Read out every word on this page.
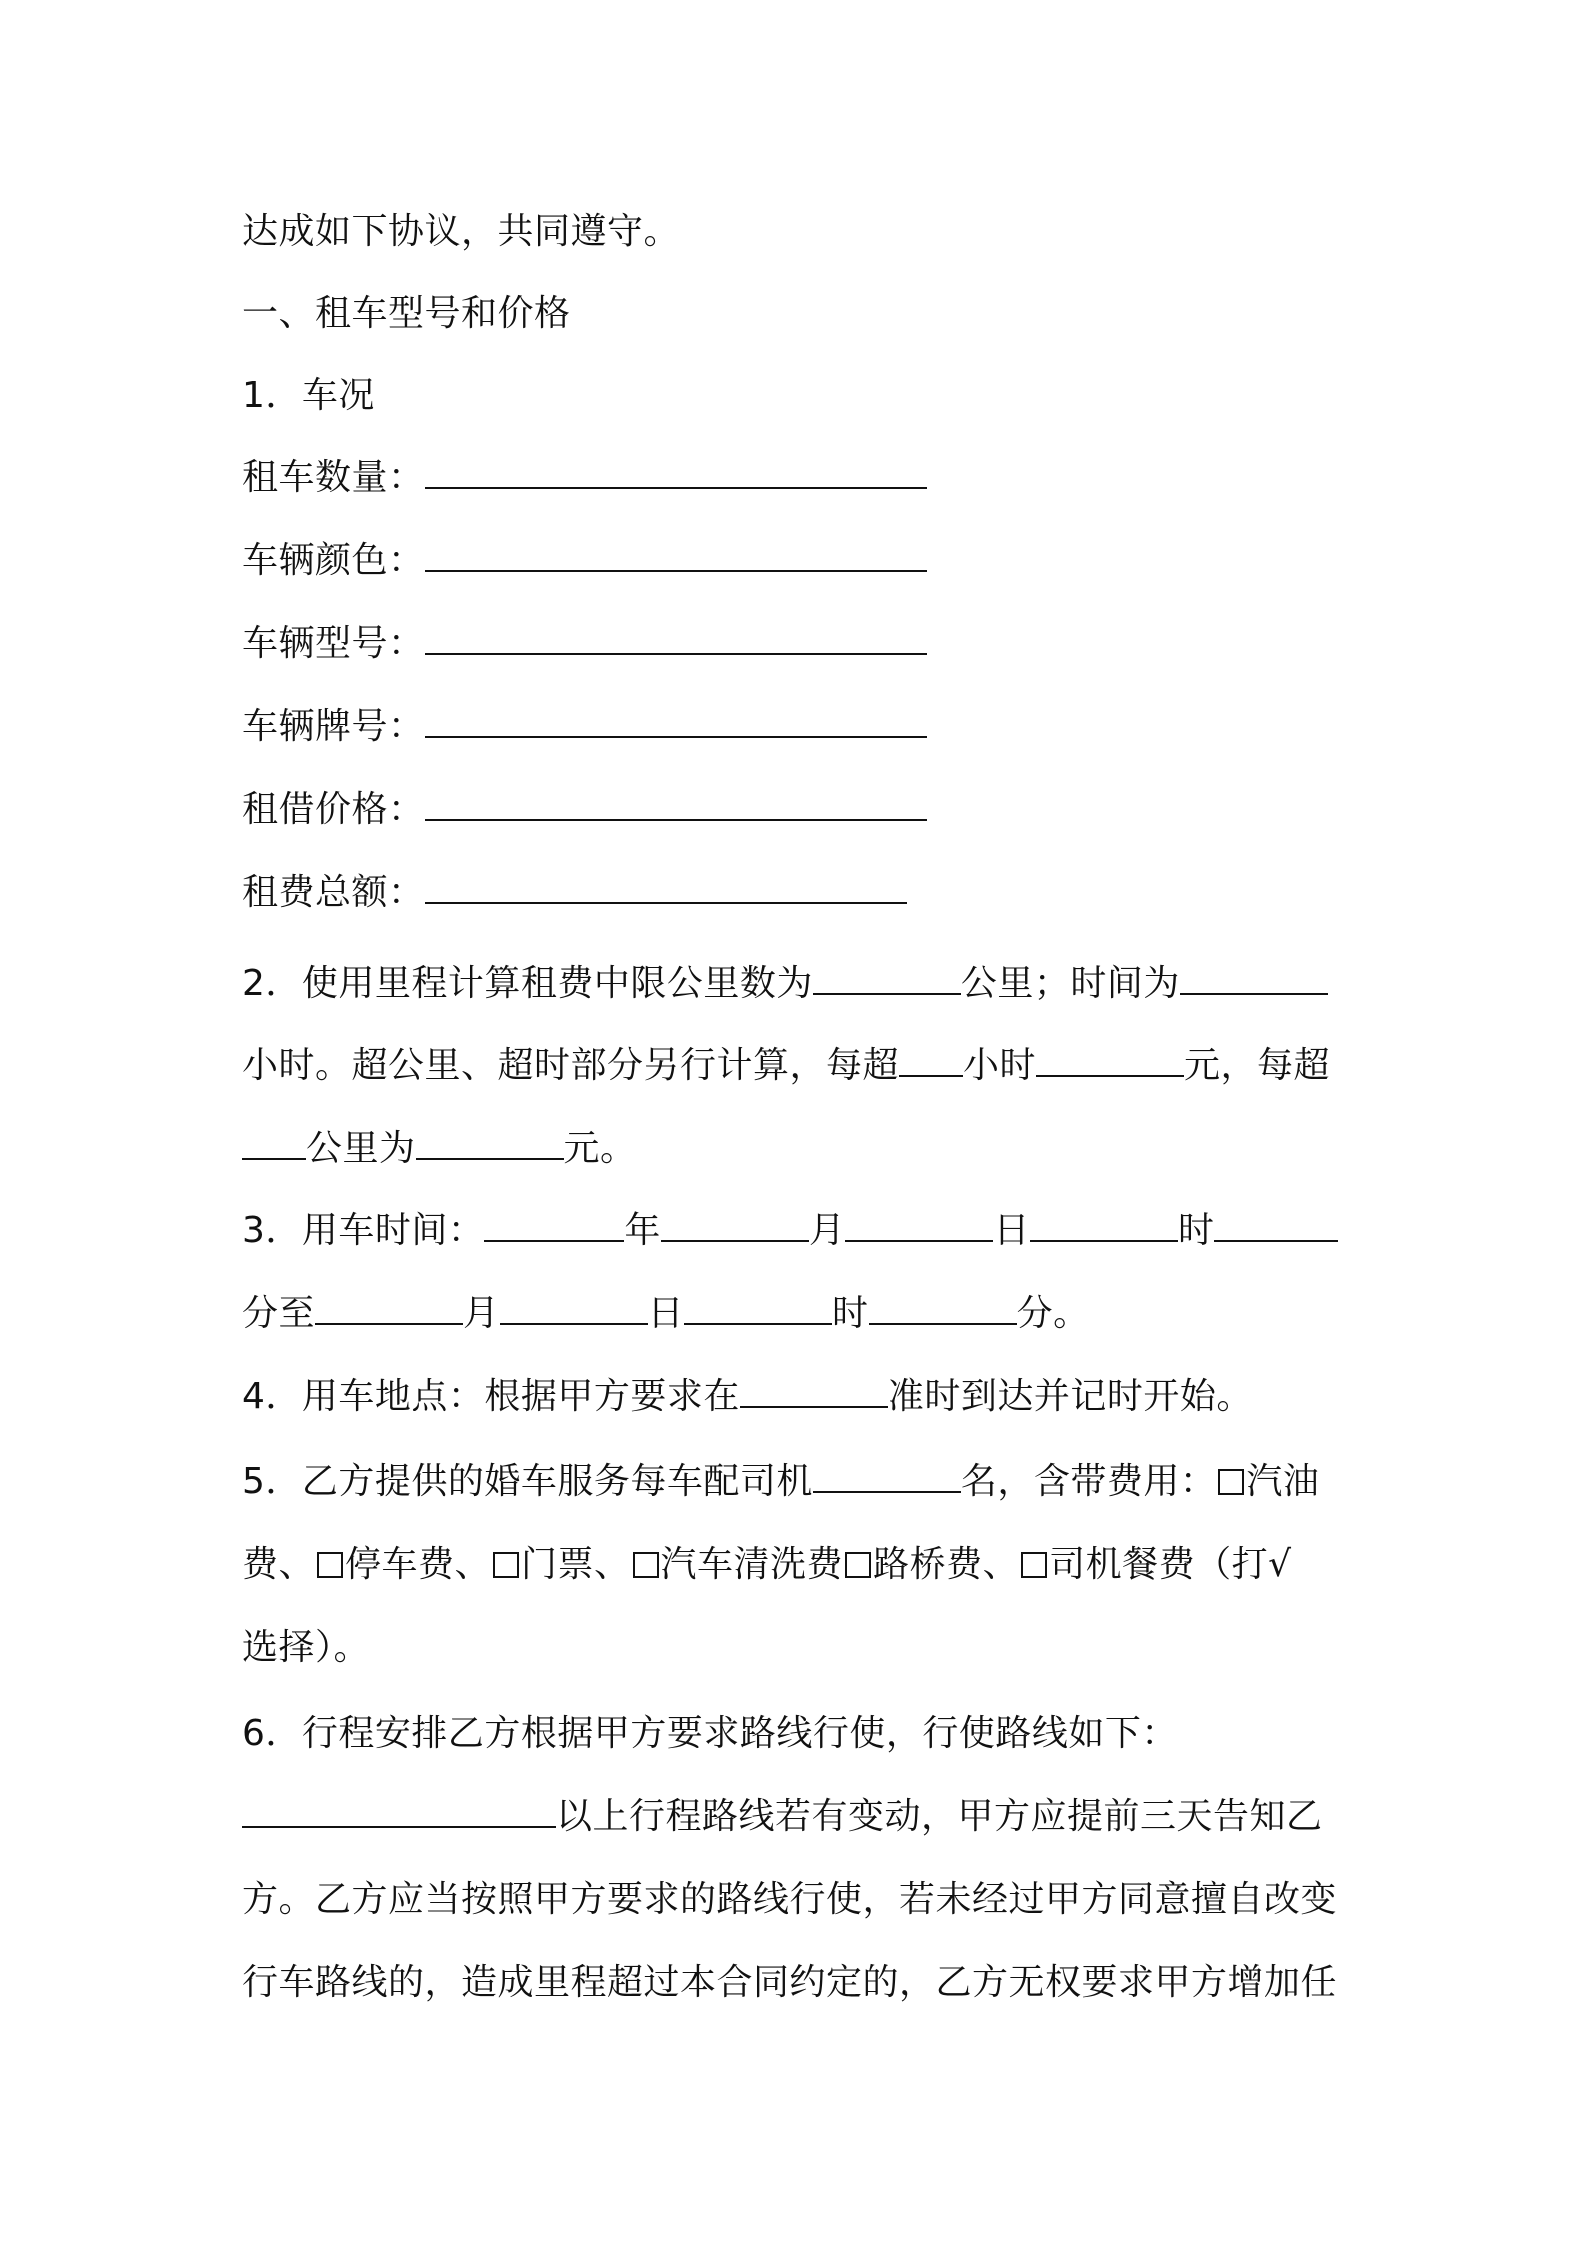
达成如下协议，共同遵守。
一、租车型号和价格
1．车况
租车数量：
车辆颜色：
车辆型号：
车辆牌号：
租借价格：
租费总额：
2．使用里程计算租费中限公里数为	公里；时间为
小时。超公里、超时部分另行计算，每超 小时	元，每超
公里为	元。
3．用车时间：	年	月	日	时
分至	月	日	时	分。
4．用车地点：根据甲方要求在	准时到达并记时开始。
5．乙方提供的婚车服务每车配司机	名，含带费用： 汽油
费、 停车费、 门票、 汽车清洗费 路桥费、 司机餐费（打√
选择）。
6．行程安排乙方根据甲方要求路线行使，行使路线如下：
以上行程路线若有变动，甲方应提前三天告知乙
方。乙方应当按照甲方要求的路线行使，若未经过甲方同意擅自改变
行车路线的，造成里程超过本合同约定的，乙方无权要求甲方增加任
